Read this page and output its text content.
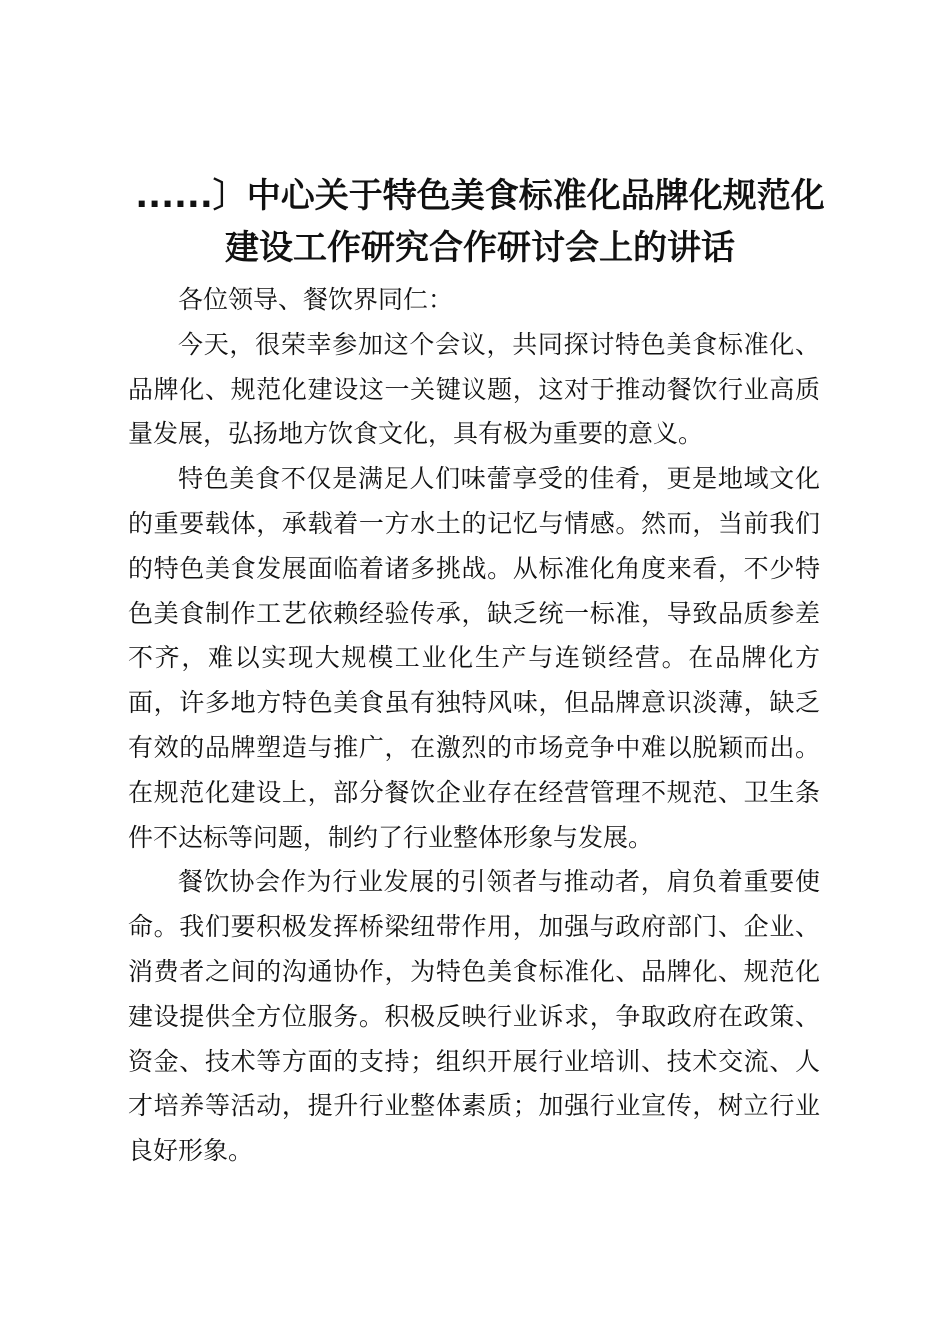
......〕中心关于特色美食标准化品牌化规范化建设工作研究合作研讨会上的讲话

各位领导、餐饮界同仁：

今天，很荣幸参加这个会议，共同探讨特色美食标准化、品牌化、规范化建设这一关键议题，这对于推动餐饮行业高质量发展，弘扬地方饮食文化，具有极为重要的意义。

特色美食不仅是满足人们味蕾享受的佳肴，更是地域文化的重要载体，承载着一方水土的记忆与情感。然而，当前我们的特色美食发展面临着诸多挑战。从标准化角度来看，不少特色美食制作工艺依赖经验传承，缺乏统一标准，导致品质参差不齐，难以实现大规模工业化生产与连锁经营。在品牌化方面，许多地方特色美食虽有独特风味，但品牌意识淡薄，缺乏有效的品牌塑造与推广，在激烈的市场竞争中难以脱颖而出。在规范化建设上，部分餐饮企业存在经营管理不规范、卫生条件不达标等问题，制约了行业整体形象与发展。

餐饮协会作为行业发展的引领者与推动者，肩负着重要使命。我们要积极发挥桥梁纽带作用，加强与政府部门、企业、消费者之间的沟通协作，为特色美食标准化、品牌化、规范化建设提供全方位服务。积极反映行业诉求，争取政府在政策、资金、技术等方面的支持；组织开展行业培训、技术交流、人才培养等活动，提升行业整体素质；加强行业宣传，树立行业良好形象。
